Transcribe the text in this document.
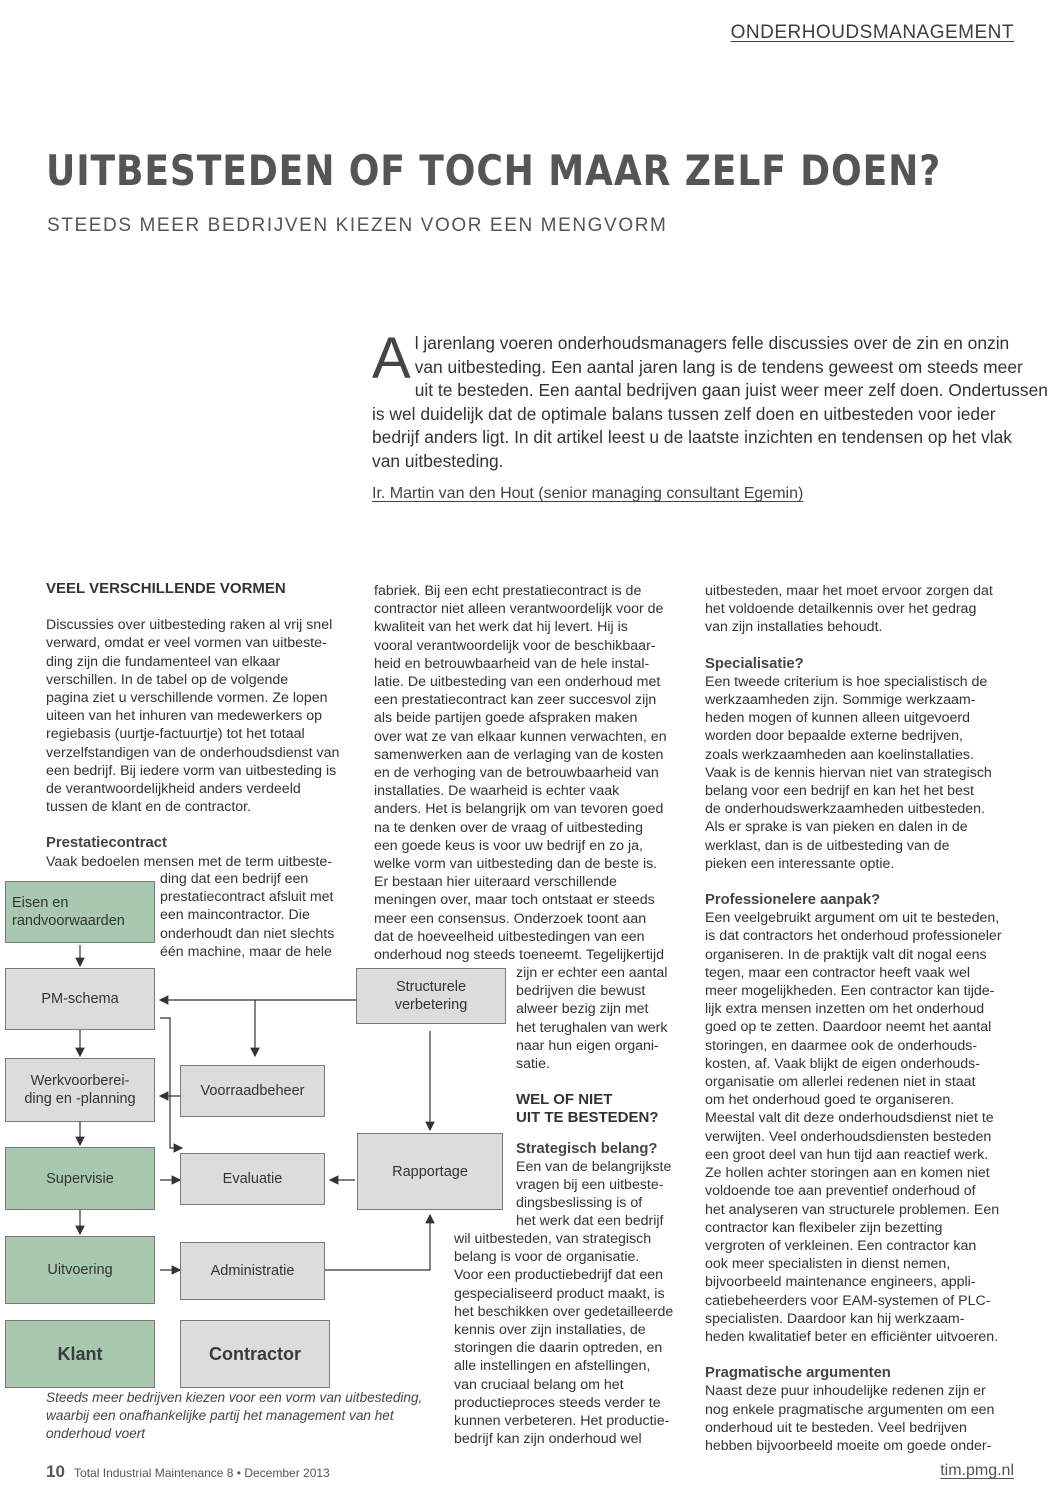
ONDERHOUDSMANAGEMENT
UITBESTEDEN OF TOCH MAAR ZELF DOEN?
STEEDS MEER BEDRIJVEN KIEZEN VOOR EEN MENGVORM
A l jarenlang voeren onderhoudsmanagers felle discussies over de zin en onzin
van uitbesteding. Een aantal jaren lang is de tendens geweest om steeds meer
uit te besteden. Een aantal bedrijven gaan juist weer meer zelf doen. Ondertussen
is wel duidelijk dat de optimale balans tussen zelf doen en uitbesteden voor ieder
bedrijf anders ligt. In dit artikel leest u de laatste inzichten en tendensen op het vlak
van uitbesteding.
Ir. Martin van den Hout (senior managing consultant Egemin)
VEEL VERSCHILLENDE VORMEN
Discussies over uitbesteding raken al vrij snel
verward, omdat er veel vormen van uitbeste-
ding zijn die fundamenteel van elkaar
verschillen. In de tabel op de volgende
pagina ziet u verschillende vormen. Ze lopen
uiteen van het inhuren van medewerkers op
regiebasis (uurtje-factuurtje) tot het totaal
verzelfstandigen van de onderhoudsdienst van
een bedrijf. Bij iedere vorm van uitbesteding is
de verantwoordelijkheid anders verdeeld
tussen de klant en de contractor.
Prestatiecontract
Vaak bedoelen mensen met de term uitbeste-
ding dat een bedrijf een
prestatiecontract afsluit met
een maincontractor. Die
onderhoudt dan niet slechts
één machine, maar de hele
fabriek. Bij een echt prestatiecontract is de
contractor niet alleen verantwoordelijk voor de
kwaliteit van het werk dat hij levert. Hij is
vooral verantwoordelijk voor de beschikbaar-
heid en betrouwbaarheid van de hele instal-
latie. De uitbesteding van een onderhoud met
een prestatiecontract kan zeer succesvol zijn
als beide partijen goede afspraken maken
over wat ze van elkaar kunnen verwachten, en
samenwerken aan de verlaging van de kosten
en de verhoging van de betrouwbaarheid van
installaties. De waarheid is echter vaak
anders. Het is belangrijk om van tevoren goed
na te denken over de vraag of uitbesteding
een goede keus is voor uw bedrijf en zo ja,
welke vorm van uitbesteding dan de beste is.
Er bestaan hier uiteraard verschillende
meningen over, maar toch ontstaat er steeds
meer een consensus. Onderzoek toont aan
dat de hoeveelheid uitbestedingen van een
onderhoud nog steeds toeneemt. Tegelijkertijd
zijn er echter een aantal
bedrijven die bewust
alweer bezig zijn met
het terughalen van werk
naar hun eigen organi-
satie.
WEL OF NIET
UIT TE BESTEDEN?
Strategisch belang?
Een van de belangrijkste
vragen bij een uitbeste-
dingsbeslissing is of
het werk dat een bedrijf
wil uitbesteden, van strategisch
belang is voor de organisatie.
Voor een productiebedrijf dat een
gespecialiseerd product maakt, is
het beschikken over gedetailleerde
kennis over zijn installaties, de
storingen die daarin optreden, en
alle instellingen en afstellingen,
van cruciaal belang om het
productieproces steeds verder te
kunnen verbeteren. Het productie-
bedrijf kan zijn onderhoud wel
uitbesteden, maar het moet ervoor zorgen dat
het voldoende detailkennis over het gedrag
van zijn installaties behoudt.
Specialisatie?
Een tweede criterium is hoe specialistisch de
werkzaamheden zijn. Sommige werkzaam-
heden mogen of kunnen alleen uitgevoerd
worden door bepaalde externe bedrijven,
zoals werkzaamheden aan koelinstallaties.
Vaak is de kennis hiervan niet van strategisch
belang voor een bedrijf en kan het het best
de onderhoudswerkzaamheden uitbesteden.
Als er sprake is van pieken en dalen in de
werklast, dan is de uitbesteding van de
pieken een interessante optie.
Professionelere aanpak?
Een veelgebruikt argument om uit te besteden,
is dat contractors het onderhoud professioneler
organiseren. In de praktijk valt dit nogal eens
tegen, maar een contractor heeft vaak wel
meer mogelijkheden. Een contractor kan tijde-
lijk extra mensen inzetten om het onderhoud
goed op te zetten. Daardoor neemt het aantal
storingen, en daarmee ook de onderhouds-
kosten, af. Vaak blijkt de eigen onderhouds-
organisatie om allerlei redenen niet in staat
om het onderhoud goed te organiseren.
Meestal valt dit deze onderhoudsdienst niet te
verwijten. Veel onderhoudsdiensten besteden
een groot deel van hun tijd aan reactief werk.
Ze hollen achter storingen aan en komen niet
voldoende toe aan preventief onderhoud of
het analyseren van structurele problemen. Een
contractor kan flexibeler zijn bezetting
vergroten of verkleinen. Een contractor kan
ook meer specialisten in dienst nemen,
bijvoorbeeld maintenance engineers, appli-
catiebeheerders voor EAM-systemen of PLC-
specialisten. Daardoor kan hij werkzaam-
heden kwalitatief beter en efficiënter uitvoeren.
Pragmatische argumenten
Naast deze puur inhoudelijke redenen zijn er
nog enkele pragmatische argumenten om een
onderhoud uit te besteden. Veel bedrijven
hebben bijvoorbeeld moeite om goede onder-
Eisen en randvoorwaarden
PM-schema
Structurele verbetering
Werkvoorberei- ding en -planning	Voorraadbeheer
Supervisie	Evaluatie	Rapportage
Uitvoering	Administratie
Klant	Contractor
Steeds meer bedrijven kiezen voor een vorm van uitbesteding,
waarbij een onafhankelijke partij het management van het
onderhoud voert
10 Total Industrial Maintenance 8 • December 2013	tim.pmg.nl
